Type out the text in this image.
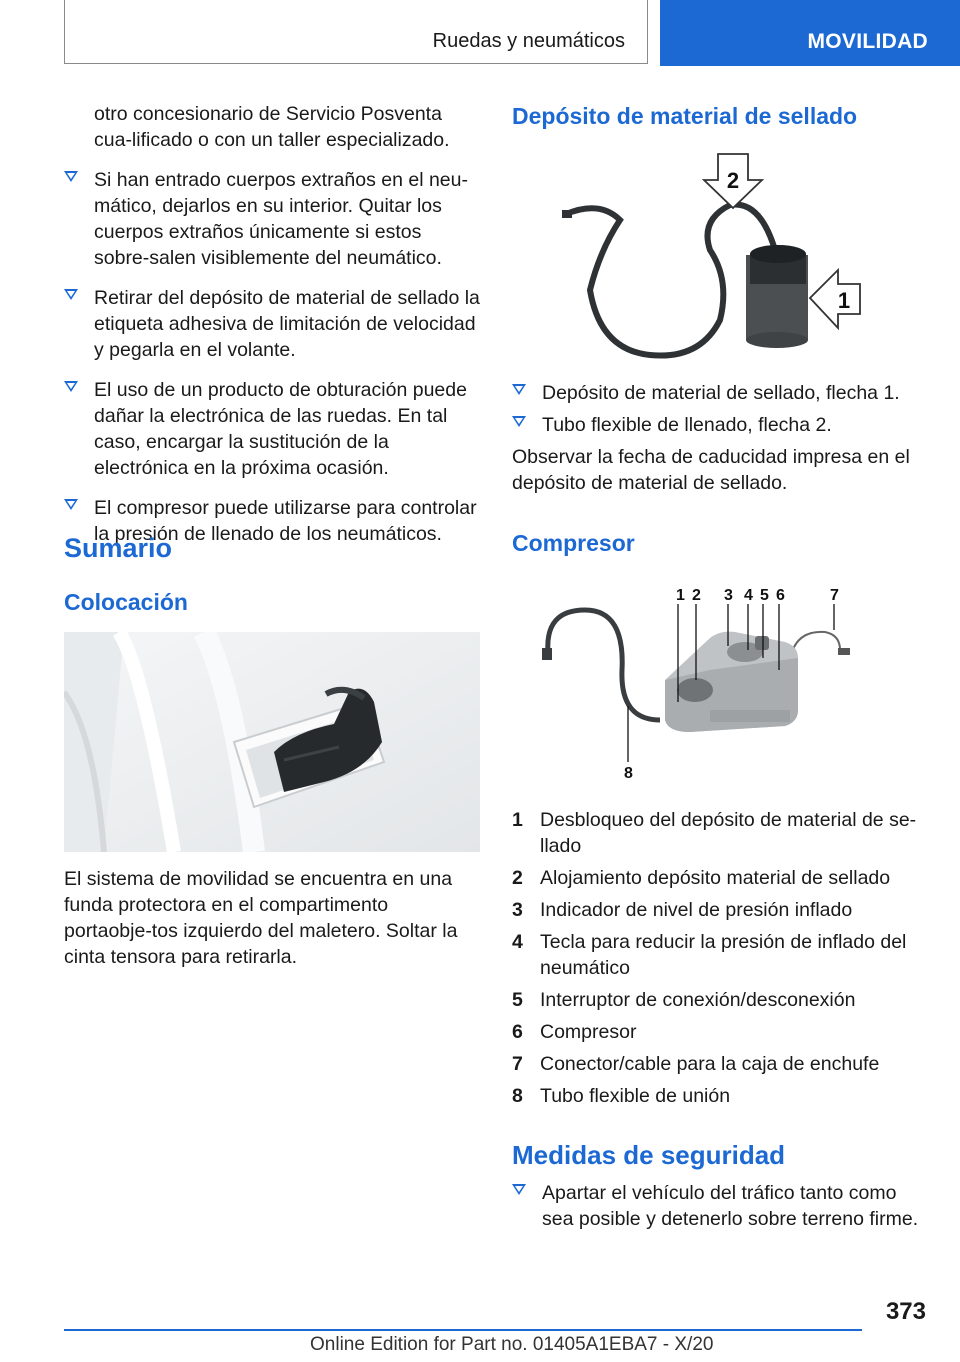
Ruedas y neumáticos	MOVILIDAD

otro concesionario de Servicio Posventa cua-lificado o con un taller especializado.

Si han entrado cuerpos extraños en el neu-mático, dejarlos en su interior. Quitar los cuerpos extraños únicamente si estos sobre-salen visiblemente del neumático.
Retirar del depósito de material de sellado la etiqueta adhesiva de limitación de velocidad y pegarla en el volante.
El uso de un producto de obturación puede dañar la electrónica de las ruedas. En tal caso, encargar la sustitución de la electrónica en la próxima ocasión.
El compresor puede utilizarse para controlar la presión de llenado de los neumáticos.
Sumario
Colocación

El sistema de movilidad se encuentra en una funda protectora en el compartimento portaobje-tos izquierdo del maletero. Soltar la cinta tensora para retirarla.

Depósito de material de sellado
2
1
Depósito de material de sellado, flecha 1.
Tubo flexible de llenado, flecha 2.

Observar la fecha de caducidad impresa en el depósito de material de sellado.

Compresor
1 2 3 4 5 6	7
8
1 Desbloqueo del depósito de material de se-llado
2 Alojamiento depósito material de sellado
3 Indicador de nivel de presión inflado
4 Tecla para reducir la presión de inflado del neumático
5 Interruptor de conexión/desconexión
6 Compresor
7 Conector/cable para la caja de enchufe
8 Tubo flexible de unión
Medidas de seguridad
Apartar el vehículo del tráfico tanto como sea posible y detenerlo sobre terreno firme.
373
Online Edition for Part no. 01405A1EBA7 - X/20
